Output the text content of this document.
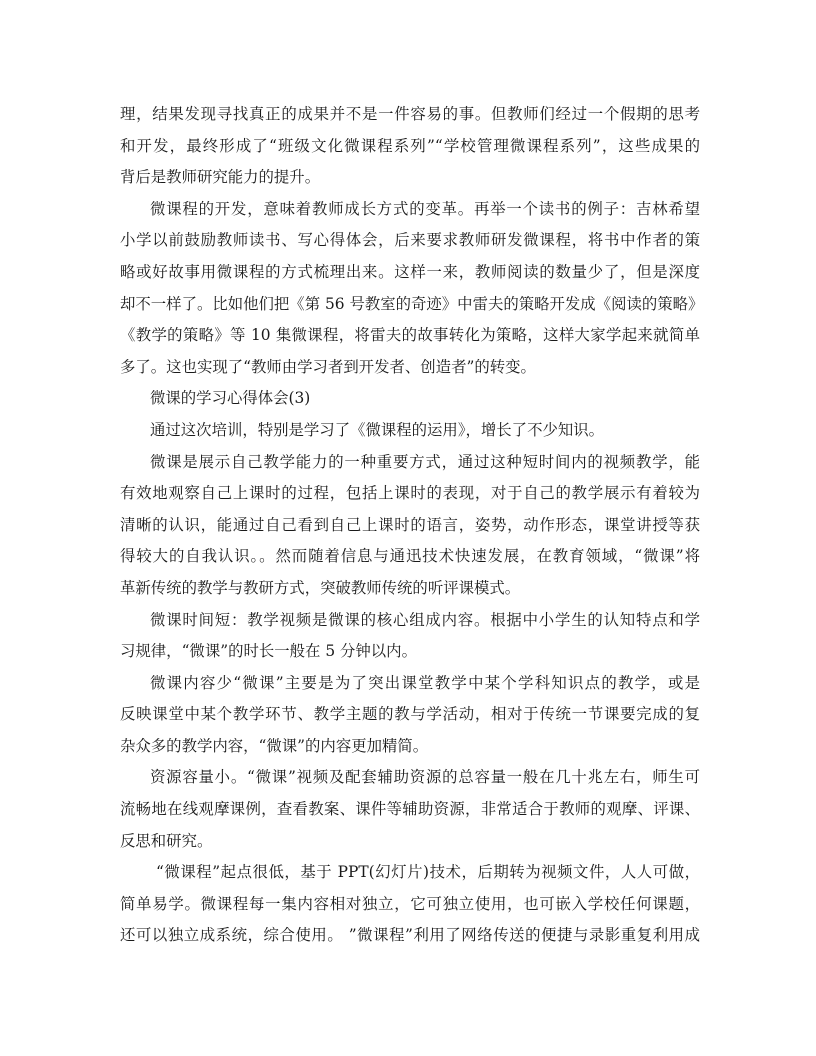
理，结果发现寻找真正的成果并不是一件容易的事。但教师们经过一个假期的思考
和开发，最终形成了“班级文化微课程系列”“学校管理微课程系列”，这些成果的
背后是教师研究能力的提升。
微课程的开发，意味着教师成长方式的变革。再举一个读书的例子：吉林希望
小学以前鼓励教师读书、写心得体会，后来要求教师研发微课程，将书中作者的策
略或好故事用微课程的方式梳理出来。这样一来，教师阅读的数量少了，但是深度
却不一样了。比如他们把《第 56 号教室的奇迹》中雷夫的策略开发成《阅读的策略》
《教学的策略》等 10 集微课程，将雷夫的故事转化为策略，这样大家学起来就简单
多了。这也实现了“教师由学习者到开发者、创造者”的转变。
微课的学习心得体会(3)
通过这次培训，特别是学习了《微课程的运用》，增长了不少知识。
微课是展示自己教学能力的一种重要方式，通过这种短时间内的视频教学，能
有效地观察自己上课时的过程，包括上课时的表现，对于自己的教学展示有着较为
清晰的认识，能通过自己看到自己上课时的语言，姿势，动作形态，课堂讲授等获
得较大的自我认识。。然而随着信息与通迅技术快速发展，在教育领域，“微课”将
革新传统的教学与教研方式，突破教师传统的听评课模式。
微课时间短：教学视频是微课的核心组成内容。根据中小学生的认知特点和学
习规律，“微课”的时长一般在 5 分钟以内。
微课内容少“微课”主要是为了突出课堂教学中某个学科知识点的教学，或是
反映课堂中某个教学环节、教学主题的教与学活动，相对于传统一节课要完成的复
杂众多的教学内容，“微课”的内容更加精简。
资源容量小。“微课”视频及配套辅助资源的总容量一般在几十兆左右，师生可
流畅地在线观摩课例，查看教案、课件等辅助资源，非常适合于教师的观摩、评课、
反思和研究。
“微课程”起点很低，基于 PPT(幻灯片)技术，后期转为视频文件，人人可做，
简单易学。微课程每一集内容相对独立，它可独立使用，也可嵌入学校任何课题，
还可以独立成系统，综合使用。 ”微课程”利用了网络传送的便捷与录影重复利用成
